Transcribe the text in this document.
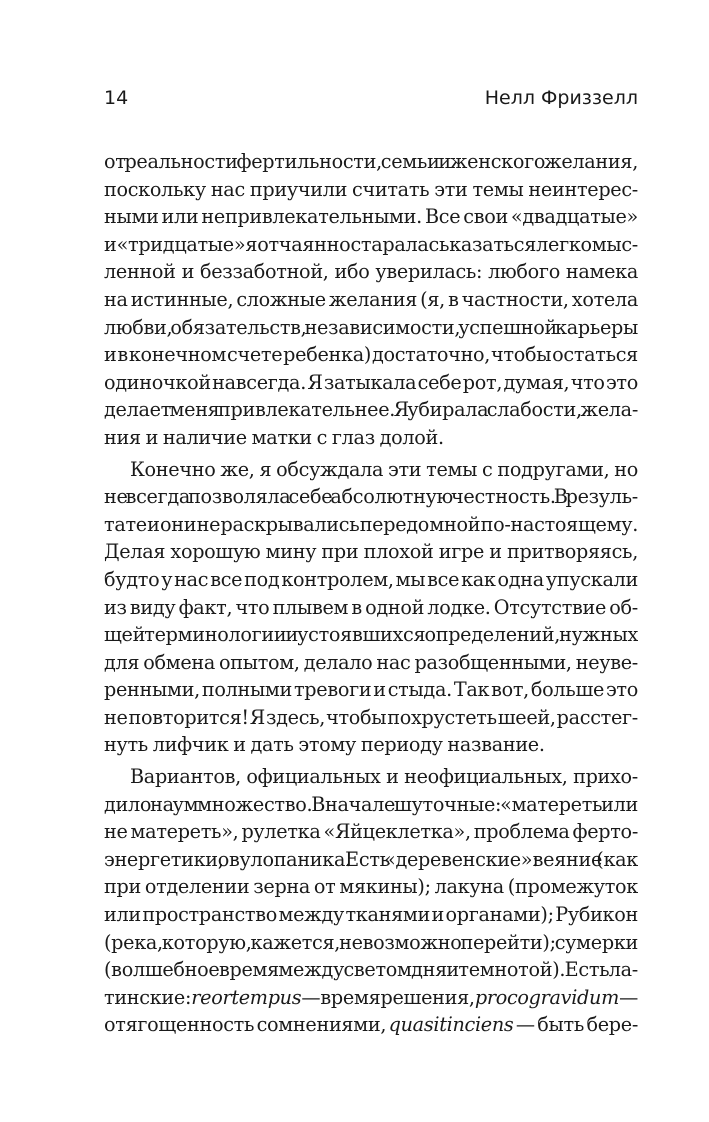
14	Нелл Фриззелл

от реальности фертильности, семьи и женского желания,
поскольку нас приучили считать эти темы неинтерес-
ными или непривлекательными. Все свои «двадцатые»
и «тридцатые» я отчаянно старалась казаться легкомыс-
ленной и беззаботной, ибо уверилась: любого намека
на истинные, сложные желания (я, в частности, хотела
любви, обязательств, независимости, успешной карьеры
и в конечном счете ребенка) достаточно, чтобы остаться
одиночкой навсегда. Я затыкала себе рот, думая, что это
делает меня привлекательнее. Я убирала слабости, жела-
ния и наличие матки с глаз долой.

Конечно же, я обсуждала эти темы с подругами, но
не всегда позволяла себе абсолютную честность. В резуль-
тате и они не раскрывались передо мной по-настоящему.
Делая хорошую мину при плохой игре и притворяясь,
будто у нас все под контролем, мы все как одна упускали
из виду факт, что плывем в одной лодке. Отсутствие об-
щей терминологии и устоявшихся определений, нужных
для обмена опытом, делало нас разобщенными, неуве-
ренными, полными тревоги и стыда. Так вот, больше это
не повторится! Я здесь, чтобы похрустеть шеей, расстег-
нуть лифчик и дать этому периоду название.

Вариантов, официальных и неофициальных, прихо-
дило на ум множество. Вначале шуточные: «матереть или
не матереть», рулетка «Яйцеклетка», проблема ферто-
энергетики, овулопаника. Есть «деревенские»: веяние (как
при отделении зерна от мякины); лакуна (промежуток
или пространство между тканями и органами); Рубикон
(река, которую, кажется, невозможно перейти); сумерки
(волшебное время между светом дня и темнотой). Есть ла-
тинские: reortempus — время решения, procogravidum —
отягощенность сомнениями, quasitinciens — быть бере-
